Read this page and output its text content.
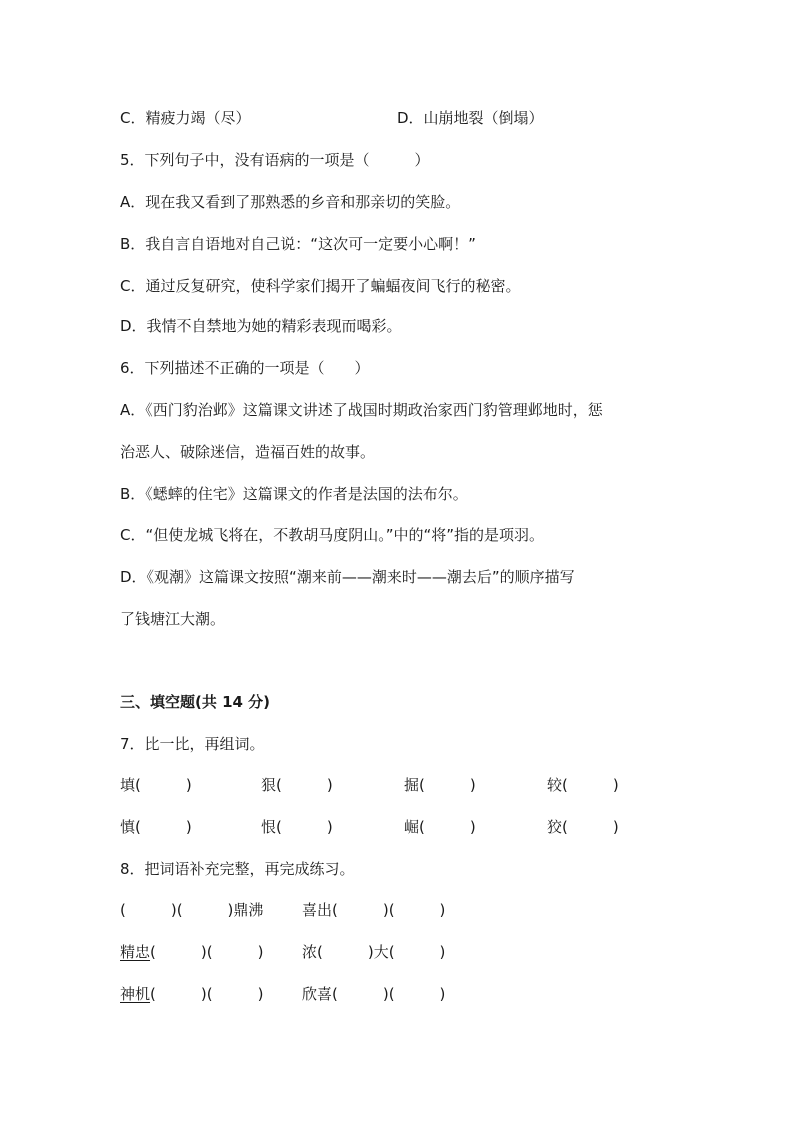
C．精疲力竭（尽）	D．山崩地裂（倒塌）
5．下列句子中，没有语病的一项是（　　　）
A．现在我又看到了那熟悉的乡音和那亲切的笑脸。
B．我自言自语地对自己说：“这次可一定要小心啊！”
C．通过反复研究，使科学家们揭开了蝙蝠夜间飞行的秘密。
D．我情不自禁地为她的精彩表现而喝彩。
6．下列描述不正确的一项是（　　）
A．《西门豹治邺》这篇课文讲述了战国时期政治家西门豹管理邺地时，惩
治恶人、破除迷信，造福百姓的故事。
B．《蟋蟀的住宅》这篇课文的作者是法国的法布尔。
C．“但使龙城飞将在，不教胡马度阴山。”中的“将”指的是项羽。
D．《观潮》这篇课文按照“潮来前——潮来时——潮去后”的顺序描写
了钱塘江大潮。
三、填空题(共 14 分)
7．比一比，再组词。
填(　　　)	狠(　　　)	掘(　　　)	较(　　　)
慎(　　　)	恨(　　　)	崛(　　　)	狡(　　　)
8．把词语补充完整，再完成练习。
(　　　)(　　　)鼎沸	喜出(　　　)(　　　)
精忠(　　　)(　　　)	浓(　　　)大(　　　)
神机(　　　)(　　　)	欣喜(　　　)(　　　)
